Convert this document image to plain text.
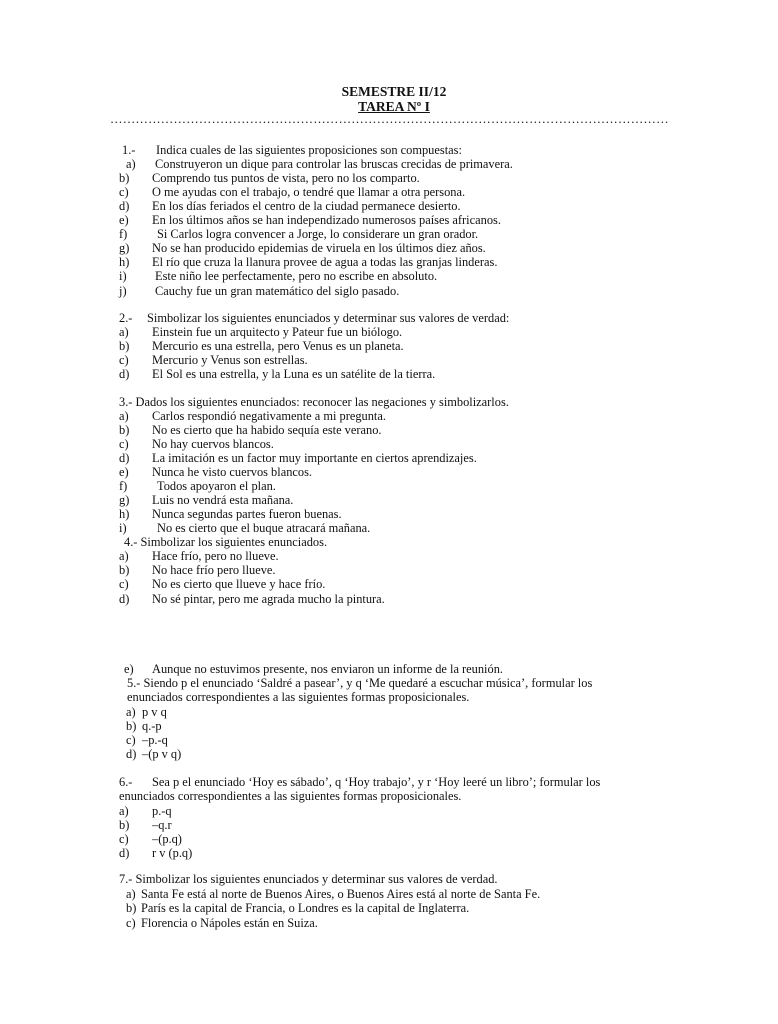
SEMESTRE II/12
TAREA Nº I
……………………………………………………………………………………………………………………
1.- Indica cuales de las siguientes proposiciones son compuestas:
a) Construyeron un dique para controlar las bruscas crecidas de primavera.
b) Comprendo tus puntos de vista, pero no los comparto.
c) O me ayudas con el trabajo, o tendré que llamar a otra persona.
d) En los días feriados el centro de la ciudad permanece desierto.
e) En los últimos años se han independizado numerosos países africanos.
f) Si Carlos logra convencer a Jorge, lo considerare un gran orador.
g) No se han producido epidemias de viruela en los últimos diez años.
h) El río que cruza la llanura provee de agua a todas las granjas linderas.
i) Este niño lee perfectamente, pero no escribe en absoluto.
j) Cauchy fue un gran matemático del siglo pasado.
2.- Simbolizar los siguientes enunciados y determinar sus valores de verdad:
a) Einstein fue un arquitecto y Pateur fue un biólogo.
b) Mercurio es una estrella, pero Venus es un planeta.
c) Mercurio y Venus son estrellas.
d) El Sol es una estrella, y la Luna es un satélite de la tierra.
3.- Dados los siguientes enunciados: reconocer las negaciones y simbolizarlos.
a) Carlos respondió negativamente a mi pregunta.
b) No es cierto que ha habido sequía este verano.
c) No hay cuervos blancos.
d) La imitación es un factor muy importante en ciertos aprendizajes.
e) Nunca he visto cuervos blancos.
f) Todos apoyaron el plan.
g) Luis no vendrá esta mañana.
h) Nunca segundas partes fueron buenas.
i) No es cierto que el buque atracará mañana.
4.- Simbolizar los siguientes enunciados.
a) Hace frío, pero no llueve.
b) No hace frío pero llueve.
c) No es cierto que llueve y hace frío.
d) No sé pintar, pero me agrada mucho la pintura.
e) Aunque no estuvimos presente, nos enviaron un informe de la reunión.
5.- Siendo p el enunciado ‘Saldré a pasear’, y q ‘Me quedaré a escuchar música’, formular los
enunciados correspondientes a las siguientes formas proposicionales.
a) p v q
b) q.-p
c) –p.-q
d) –(p v q)
6.- Sea p el enunciado ‘Hoy es sábado’, q ‘Hoy trabajo’, y r ‘Hoy leeré un libro’; formular los
enunciados correspondientes a las siguientes formas proposicionales.
a) p.-q
b) –q.r
c) –(p.q)
d) r v (p.q)
7.- Simbolizar los siguientes enunciados y determinar sus valores de verdad.
a) Santa Fe está al norte de Buenos Aires, o Buenos Aires está al norte de Santa Fe.
b) París es la capital de Francia, o Londres es la capital de Inglaterra.
c) Florencia o Nápoles están en Suiza.
